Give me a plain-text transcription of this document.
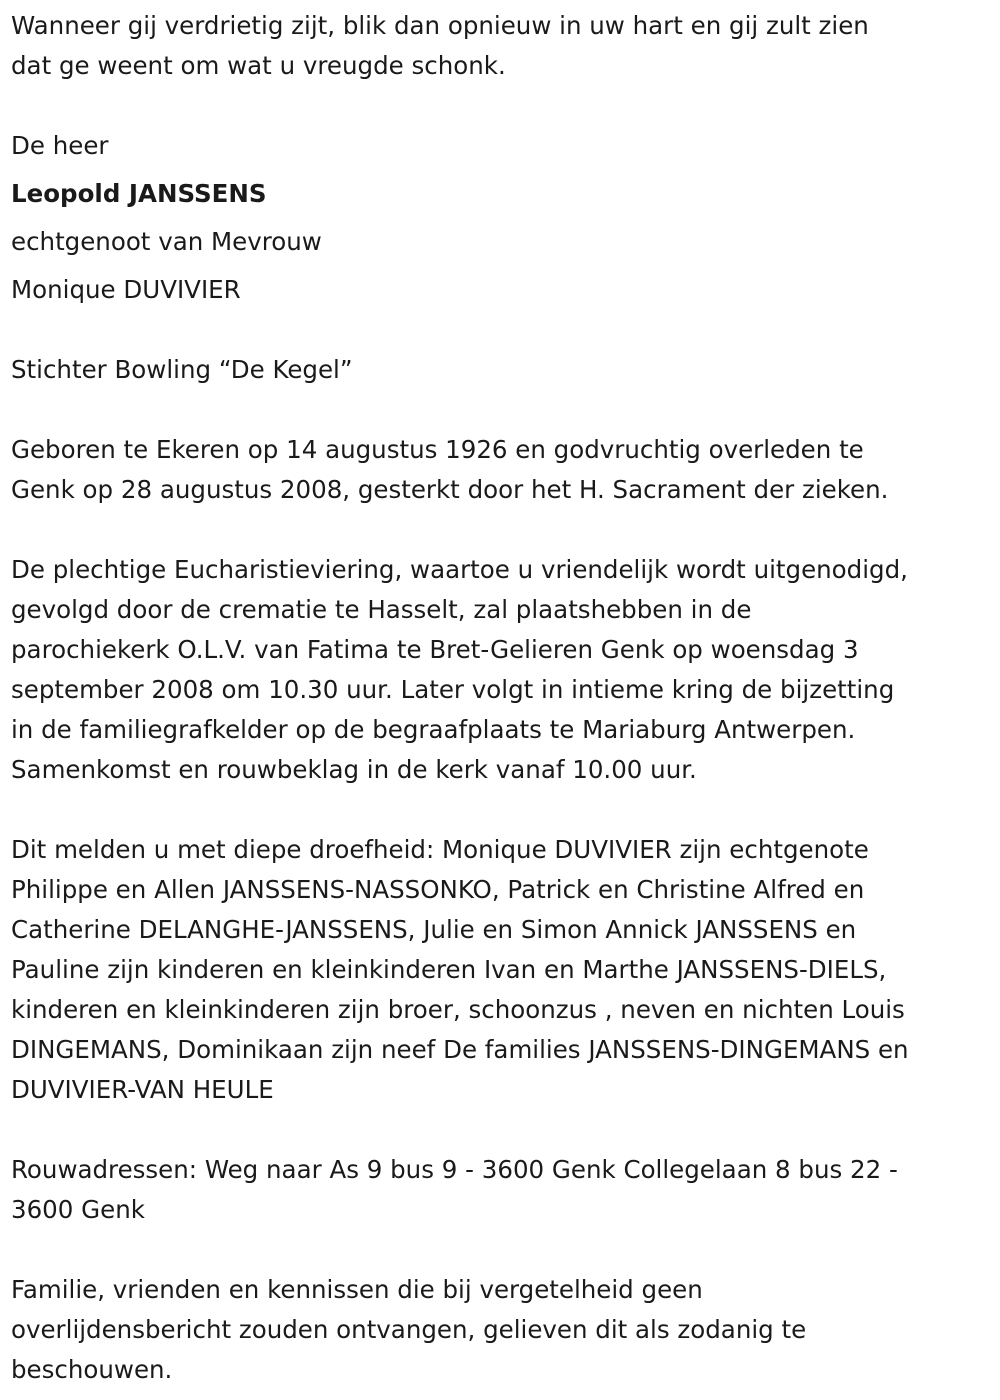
Wanneer gij verdrietig zijt, blik dan opnieuw in uw hart en gij zult zien
dat ge weent om wat u vreugde schonk.
De heer
Leopold JANSSENS
echtgenoot van Mevrouw
Monique DUVIVIER
Stichter Bowling “De Kegel”
Geboren te Ekeren op 14 augustus 1926 en godvruchtig overleden te
Genk op 28 augustus 2008, gesterkt door het H. Sacrament der zieken.
De plechtige Eucharistieviering, waartoe u vriendelijk wordt uitgenodigd,
gevolgd door de crematie te Hasselt, zal plaatshebben in de
parochiekerk O.L.V. van Fatima te Bret-Gelieren Genk op woensdag 3
september 2008 om 10.30 uur. Later volgt in intieme kring de bijzetting
in de familiegrafkelder op de begraafplaats te Mariaburg Antwerpen.
Samenkomst en rouwbeklag in de kerk vanaf 10.00 uur.
Dit melden u met diepe droefheid: Monique DUVIVIER zijn echtgenote
Philippe en Allen JANSSENS-NASSONKO, Patrick en Christine Alfred en
Catherine DELANGHE-JANSSENS, Julie en Simon Annick JANSSENS en
Pauline zijn kinderen en kleinkinderen Ivan en Marthe JANSSENS-DIELS,
kinderen en kleinkinderen zijn broer, schoonzus , neven en nichten Louis
DINGEMANS, Dominikaan zijn neef De families JANSSENS-DINGEMANS en
DUVIVIER-VAN HEULE
Rouwadressen: Weg naar As 9 bus 9 - 3600 Genk Collegelaan 8 bus 22 -
3600 Genk
Familie, vrienden en kennissen die bij vergetelheid geen
overlijdensbericht zouden ontvangen, gelieven dit als zodanig te
beschouwen.
